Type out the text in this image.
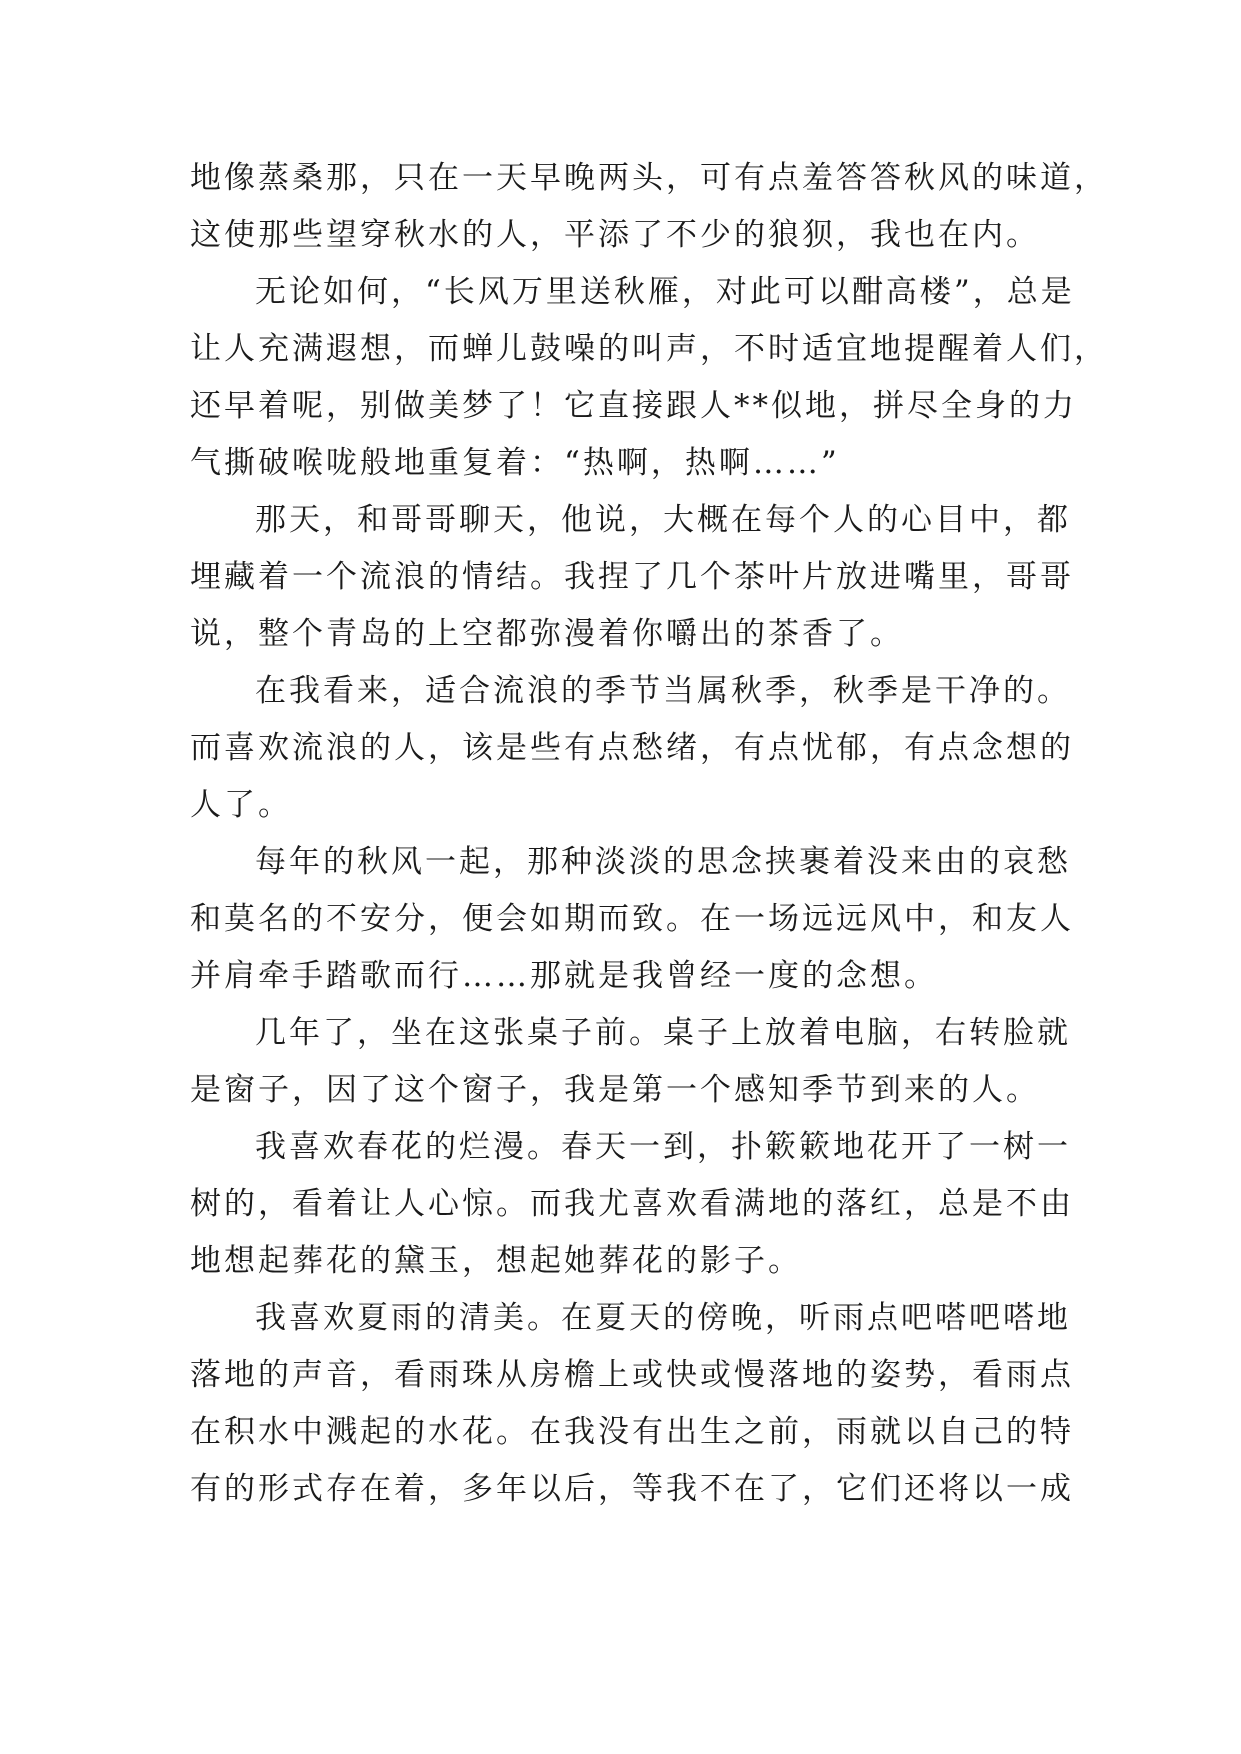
地像蒸桑那，只在一天早晚两头，可有点羞答答秋风的味道，
这使那些望穿秋水的人，平添了不少的狼狈，我也在内。
无论如何，“长风万里送秋雁，对此可以酣高楼”，总是
让人充满遐想，而蝉儿鼓噪的叫声，不时适宜地提醒着人们，
还早着呢，别做美梦了！它直接跟人**似地，拼尽全身的力
气撕破喉咙般地重复着：“热啊，热啊……”
那天，和哥哥聊天，他说，大概在每个人的心目中，都
埋藏着一个流浪的情结。我捏了几个茶叶片放进嘴里，哥哥
说，整个青岛的上空都弥漫着你嚼出的茶香了。
在我看来，适合流浪的季节当属秋季，秋季是干净的。
而喜欢流浪的人，该是些有点愁绪，有点忧郁，有点念想的
人了。
每年的秋风一起，那种淡淡的思念挟裹着没来由的哀愁
和莫名的不安分，便会如期而致。在一场远远风中，和友人
并肩牵手踏歌而行……那就是我曾经一度的念想。
几年了，坐在这张桌子前。桌子上放着电脑，右转脸就
是窗子，因了这个窗子，我是第一个感知季节到来的人。
我喜欢春花的烂漫。春天一到，扑簌簌地花开了一树一
树的，看着让人心惊。而我尤喜欢看满地的落红，总是不由
地想起葬花的黛玉，想起她葬花的影子。
我喜欢夏雨的清美。在夏天的傍晚，听雨点吧嗒吧嗒地
落地的声音，看雨珠从房檐上或快或慢落地的姿势，看雨点
在积水中溅起的水花。在我没有出生之前，雨就以自己的特
有的形式存在着，多年以后，等我不在了，它们还将以一成
